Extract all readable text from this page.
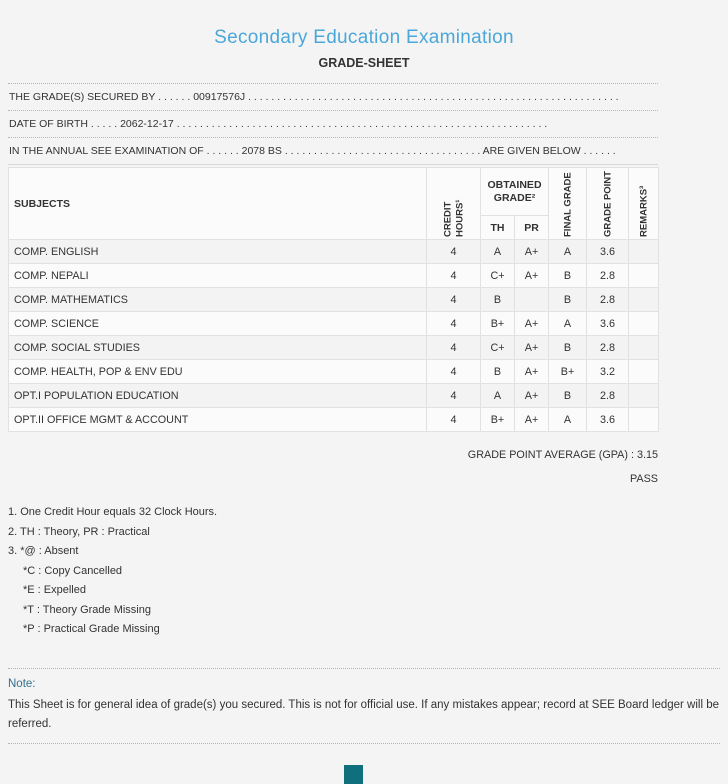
Secondary Education Examination
GRADE-SHEET
THE GRADE(S) SECURED BY . . . . . . 00917576J . . . . . . . . . . . . . . . . . . . . . . . . . . . . . . . . . . . . . . . . . . . . . . . . . . . . . . . . . . . . . . . .
DATE OF BIRTH . . . . . 2062-12-17 . . . . . . . . . . . . . . . . . . . . . . . . . . . . . . . . . . . . . . . . . . . . . . . . . . . . . . . . . . . . . . . .
IN THE ANNUAL SEE EXAMINATION OF . . . . . . 2078 BS . . . . . . . . . . . . . . . . . . . . . . . . . . . . . . . . . . ARE GIVEN BELOW . . . . . .
SUBJECTS	CREDIT HOURS¹	OBTAINED GRADE²		FINAL GRADE	GRADE POINT	REMARKS³

		TH	PR			
COMP. ENGLISH	4	A	A+	A	3.6	
COMP. NEPALI	4	C+	A+	B	2.8	
COMP. MATHEMATICS	4	B		B	2.8	
COMP. SCIENCE	4	B+	A+	A	3.6	
COMP. SOCIAL STUDIES	4	C+	A+	B	2.8	
COMP. HEALTH, POP & ENV EDU	4	B	A+	B+	3.2	
OPT.I POPULATION EDUCATION	4	A	A+	B	2.8	
OPT.II OFFICE MGMT & ACCOUNT	4	B+	A+	A	3.6	
GRADE POINT AVERAGE (GPA) : 3.15
PASS
1. One Credit Hour equals 32 Clock Hours.
2. TH : Theory, PR : Practical
3. *@ : Absent
*C : Copy Cancelled
*E : Expelled
*T : Theory Grade Missing
*P : Practical Grade Missing
Note:
This Sheet is for general idea of grade(s) you secured. This is not for official use. If any mistakes appear; record at SEE Board ledger will be referred.
